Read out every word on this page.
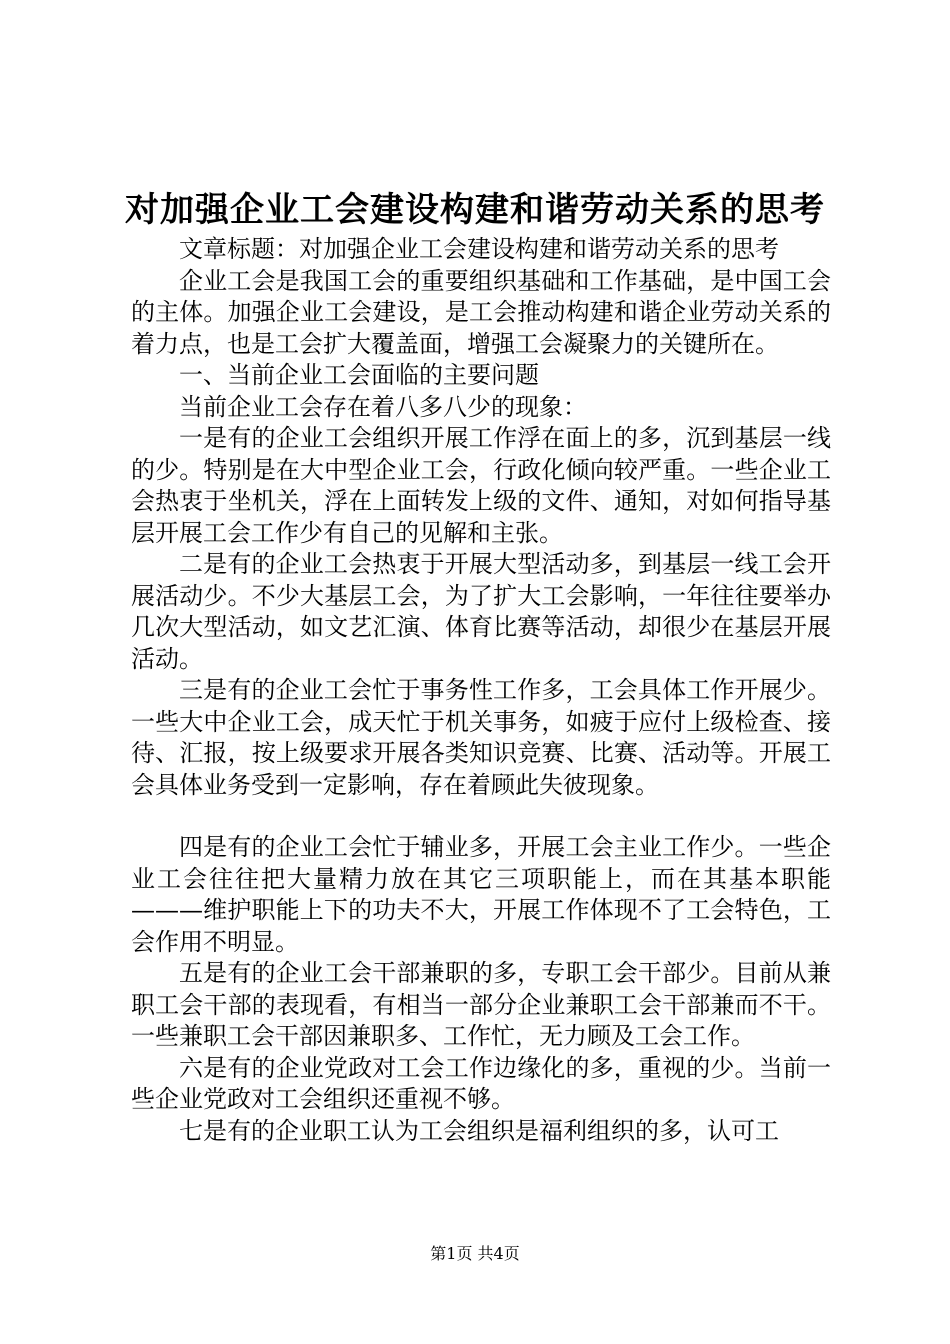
对加强企业工会建设构建和谐劳动关系的思考

文章标题：对加强企业工会建设构建和谐劳动关系的思考

企业工会是我国工会的重要组织基础和工作基础，是中国工会的主体。加强企业工会建设，是工会推动构建和谐企业劳动关系的着力点，也是工会扩大覆盖面，增强工会凝聚力的关键所在。

一、当前企业工会面临的主要问题

当前企业工会存在着八多八少的现象：

一是有的企业工会组织开展工作浮在面上的多，沉到基层一线的少。特别是在大中型企业工会，行政化倾向较严重。一些企业工会热衷于坐机关，浮在上面转发上级的文件、通知，对如何指导基层开展工会工作少有自己的见解和主张。

二是有的企业工会热衷于开展大型活动多，到基层一线工会开展活动少。不少大基层工会，为了扩大工会影响，一年往往要举办几次大型活动，如文艺汇演、体育比赛等活动，却很少在基层开展活动。

三是有的企业工会忙于事务性工作多，工会具体工作开展少。一些大中企业工会，成天忙于机关事务，如疲于应付上级检查、接待、汇报，按上级要求开展各类知识竞赛、比赛、活动等。开展工会具体业务受到一定影响，存在着顾此失彼现象。

四是有的企业工会忙于辅业多，开展工会主业工作少。一些企业工会往往把大量精力放在其它三项职能上，而在其基本职能———维护职能上下的功夫不大，开展工作体现不了工会特色，工会作用不明显。

五是有的企业工会干部兼职的多，专职工会干部少。目前从兼职工会干部的表现看，有相当一部分企业兼职工会干部兼而不干。一些兼职工会干部因兼职多、工作忙，无力顾及工会工作。

六是有的企业党政对工会工作边缘化的多，重视的少。当前一些企业党政对工会组织还重视不够。

七是有的企业职工认为工会组织是福利组织的多，认可工

第1页 共4页
